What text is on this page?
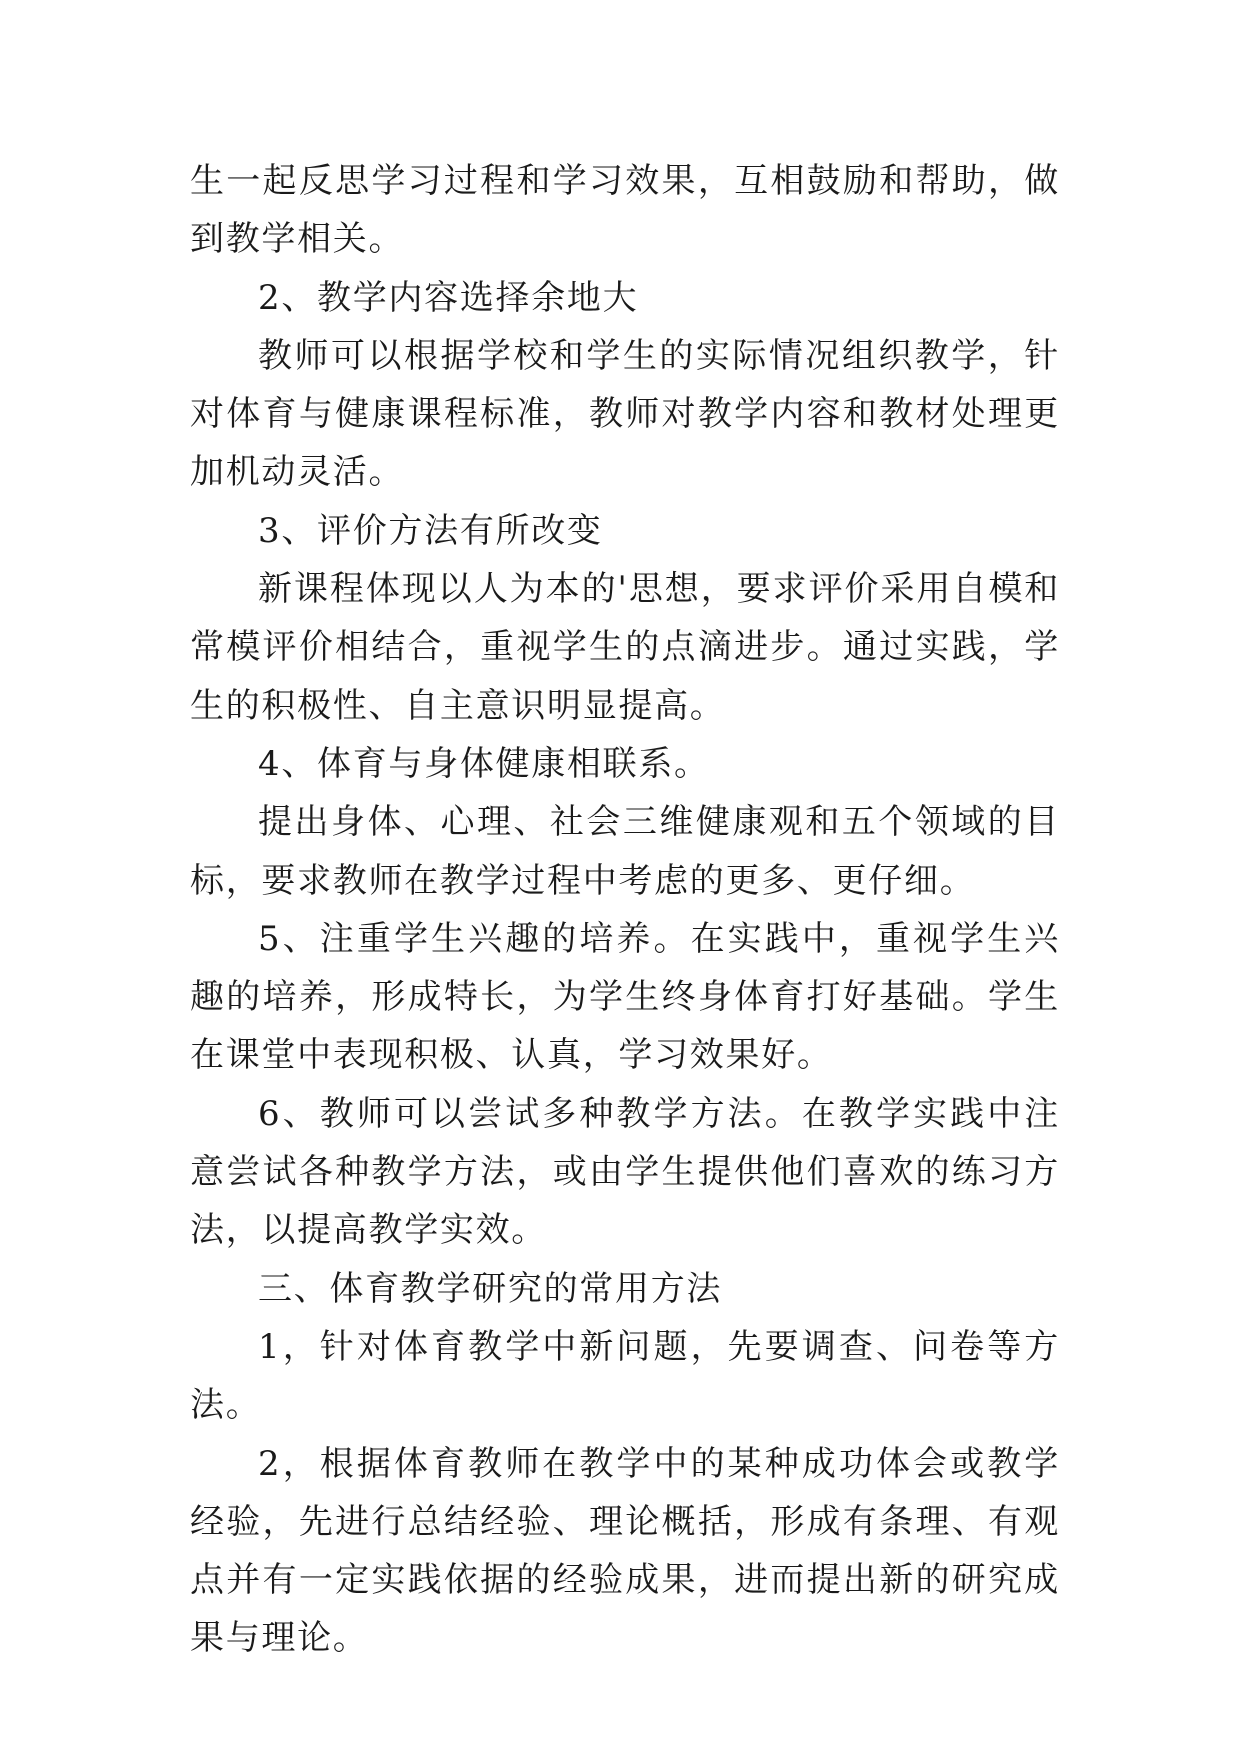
生一起反思学习过程和学习效果，互相鼓励和帮助，做到教学相关。

2、教学内容选择余地大

教师可以根据学校和学生的实际情况组织教学，针对体育与健康课程标准，教师对教学内容和教材处理更加机动灵活。

3、评价方法有所改变

新课程体现以人为本的'思想，要求评价采用自模和常模评价相结合，重视学生的点滴进步。通过实践，学生的积极性、自主意识明显提高。

4、体育与身体健康相联系。

提出身体、心理、社会三维健康观和五个领域的目标，要求教师在教学过程中考虑的更多、更仔细。

5、注重学生兴趣的培养。在实践中，重视学生兴趣的培养，形成特长，为学生终身体育打好基础。学生在课堂中表现积极、认真，学习效果好。

6、教师可以尝试多种教学方法。在教学实践中注意尝试各种教学方法，或由学生提供他们喜欢的练习方法，以提高教学实效。

三、体育教学研究的常用方法

1，针对体育教学中新问题，先要调查、问卷等方法。

2，根据体育教师在教学中的某种成功体会或教学经验，先进行总结经验、理论概括，形成有条理、有观点并有一定实践依据的经验成果，进而提出新的研究成果与理论。
